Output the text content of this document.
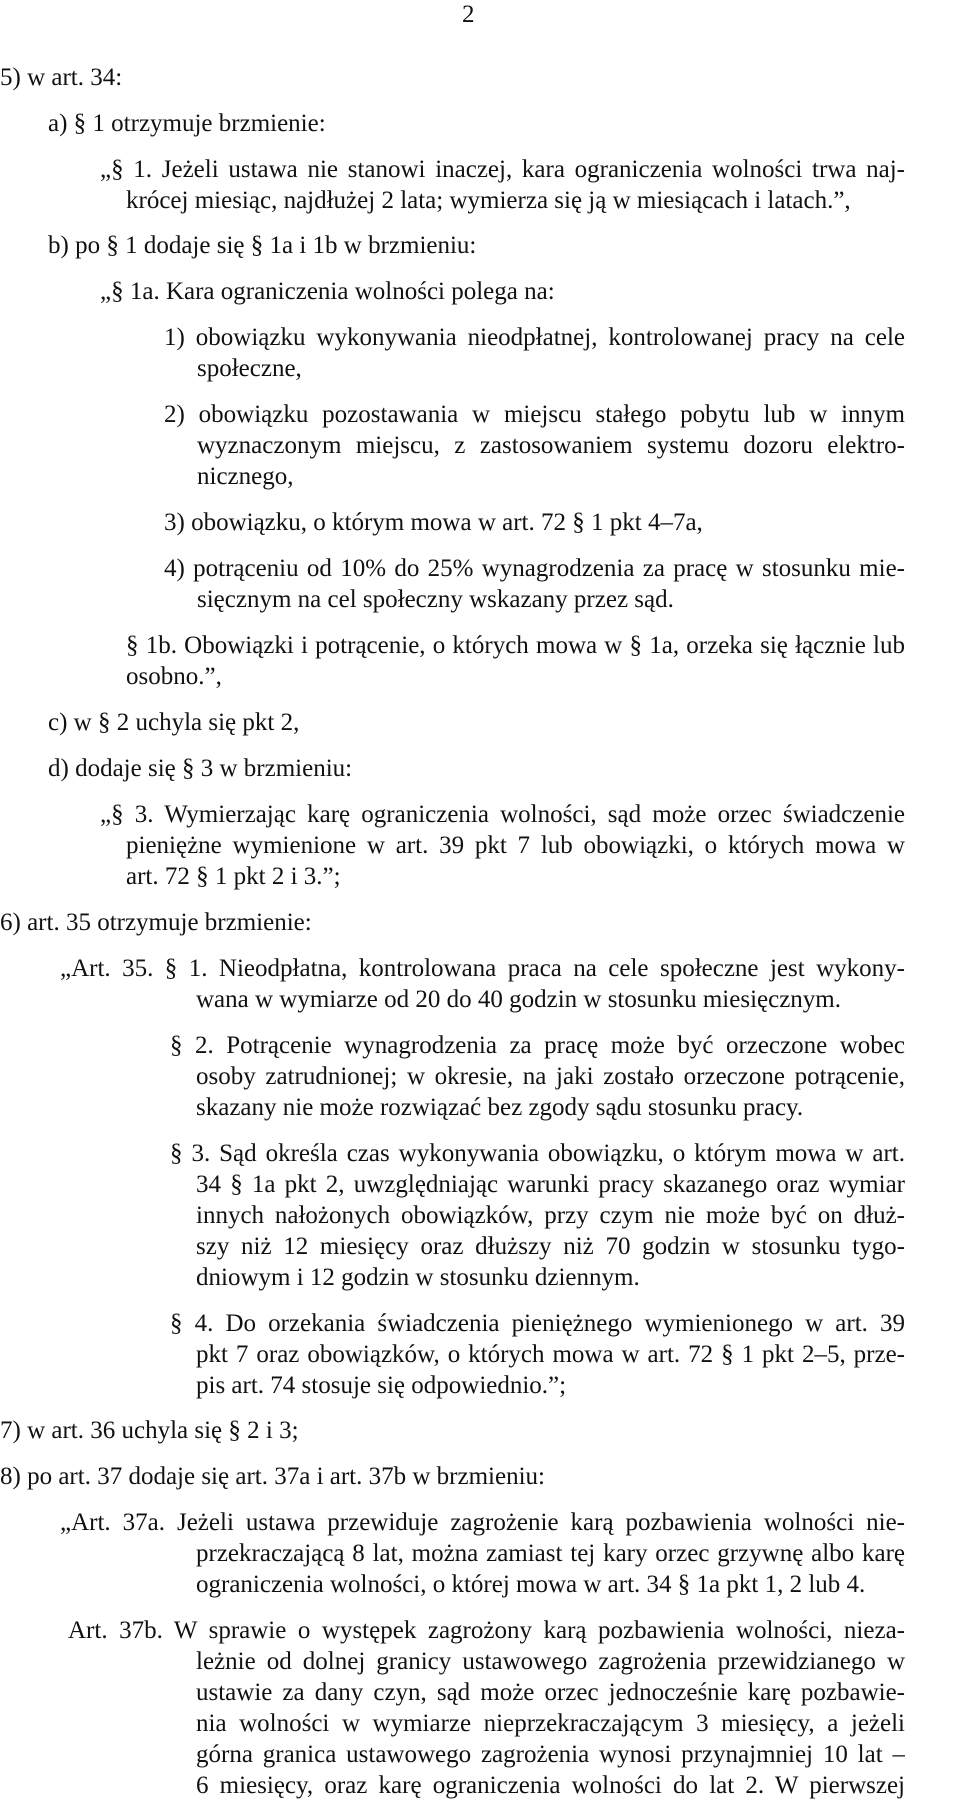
2
5) w art. 34:
a) § 1 otrzymuje brzmienie:
„§ 1. Jeżeli ustawa nie stanowi inaczej, kara ograniczenia wolności trwa naj-
krócej miesiąc, najdłużej 2 lata; wymierza się ją w miesiącach i latach.”,
b) po § 1 dodaje się § 1a i 1b w brzmieniu:
„§ 1a. Kara ograniczenia wolności polega na:
1) obowiązku wykonywania nieodpłatnej, kontrolowanej pracy na cele
społeczne,
2) obowiązku pozostawania w miejscu stałego pobytu lub w innym
wyznaczonym miejscu, z zastosowaniem systemu dozoru elektro-
nicznego,
3) obowiązku, o którym mowa w art. 72 § 1 pkt 4–7a,
4) potrąceniu od 10% do 25% wynagrodzenia za pracę w stosunku mie-
sięcznym na cel społeczny wskazany przez sąd.
§ 1b. Obowiązki i potrącenie, o których mowa w § 1a, orzeka się łącznie lub
osobno.”,
c) w § 2 uchyla się pkt 2,
d) dodaje się § 3 w brzmieniu:
„§ 3. Wymierzając karę ograniczenia wolności, sąd może orzec świadczenie
pieniężne wymienione w art. 39 pkt 7 lub obowiązki, o których mowa w
art. 72 § 1 pkt 2 i 3.”;
6) art. 35 otrzymuje brzmienie:
„Art. 35. § 1. Nieodpłatna, kontrolowana praca na cele społeczne jest wykony-
wana w wymiarze od 20 do 40 godzin w stosunku miesięcznym.
§ 2. Potrącenie wynagrodzenia za pracę może być orzeczone wobec
osoby zatrudnionej; w okresie, na jaki zostało orzeczone potrącenie,
skazany nie może rozwiązać bez zgody sądu stosunku pracy.
§ 3. Sąd określa czas wykonywania obowiązku, o którym mowa w art.
34 § 1a pkt 2, uwzględniając warunki pracy skazanego oraz wymiar
innych nałożonych obowiązków, przy czym nie może być on dłuż-
szy niż 12 miesięcy oraz dłuższy niż 70 godzin w stosunku tygo-
dniowym i 12 godzin w stosunku dziennym.
§ 4. Do orzekania świadczenia pieniężnego wymienionego w art. 39
pkt 7 oraz obowiązków, o których mowa w art. 72 § 1 pkt 2–5, prze-
pis art. 74 stosuje się odpowiednio.”;
7) w art. 36 uchyla się § 2 i 3;
8) po art. 37 dodaje się art. 37a i art. 37b w brzmieniu:
„Art. 37a. Jeżeli ustawa przewiduje zagrożenie karą pozbawienia wolności nie-
przekraczającą 8 lat, można zamiast tej kary orzec grzywnę albo karę
ograniczenia wolności, o której mowa w art. 34 § 1a pkt 1, 2 lub 4.
Art. 37b. W sprawie o występek zagrożony karą pozbawienia wolności, nieza-
leżnie od dolnej granicy ustawowego zagrożenia przewidzianego w
ustawie za dany czyn, sąd może orzec jednocześnie karę pozbawie-
nia wolności w wymiarze nieprzekraczającym 3 miesięcy, a jeżeli
górna granica ustawowego zagrożenia wynosi przynajmniej 10 lat –
6 miesięcy, oraz karę ograniczenia wolności do lat 2. W pierwszej
